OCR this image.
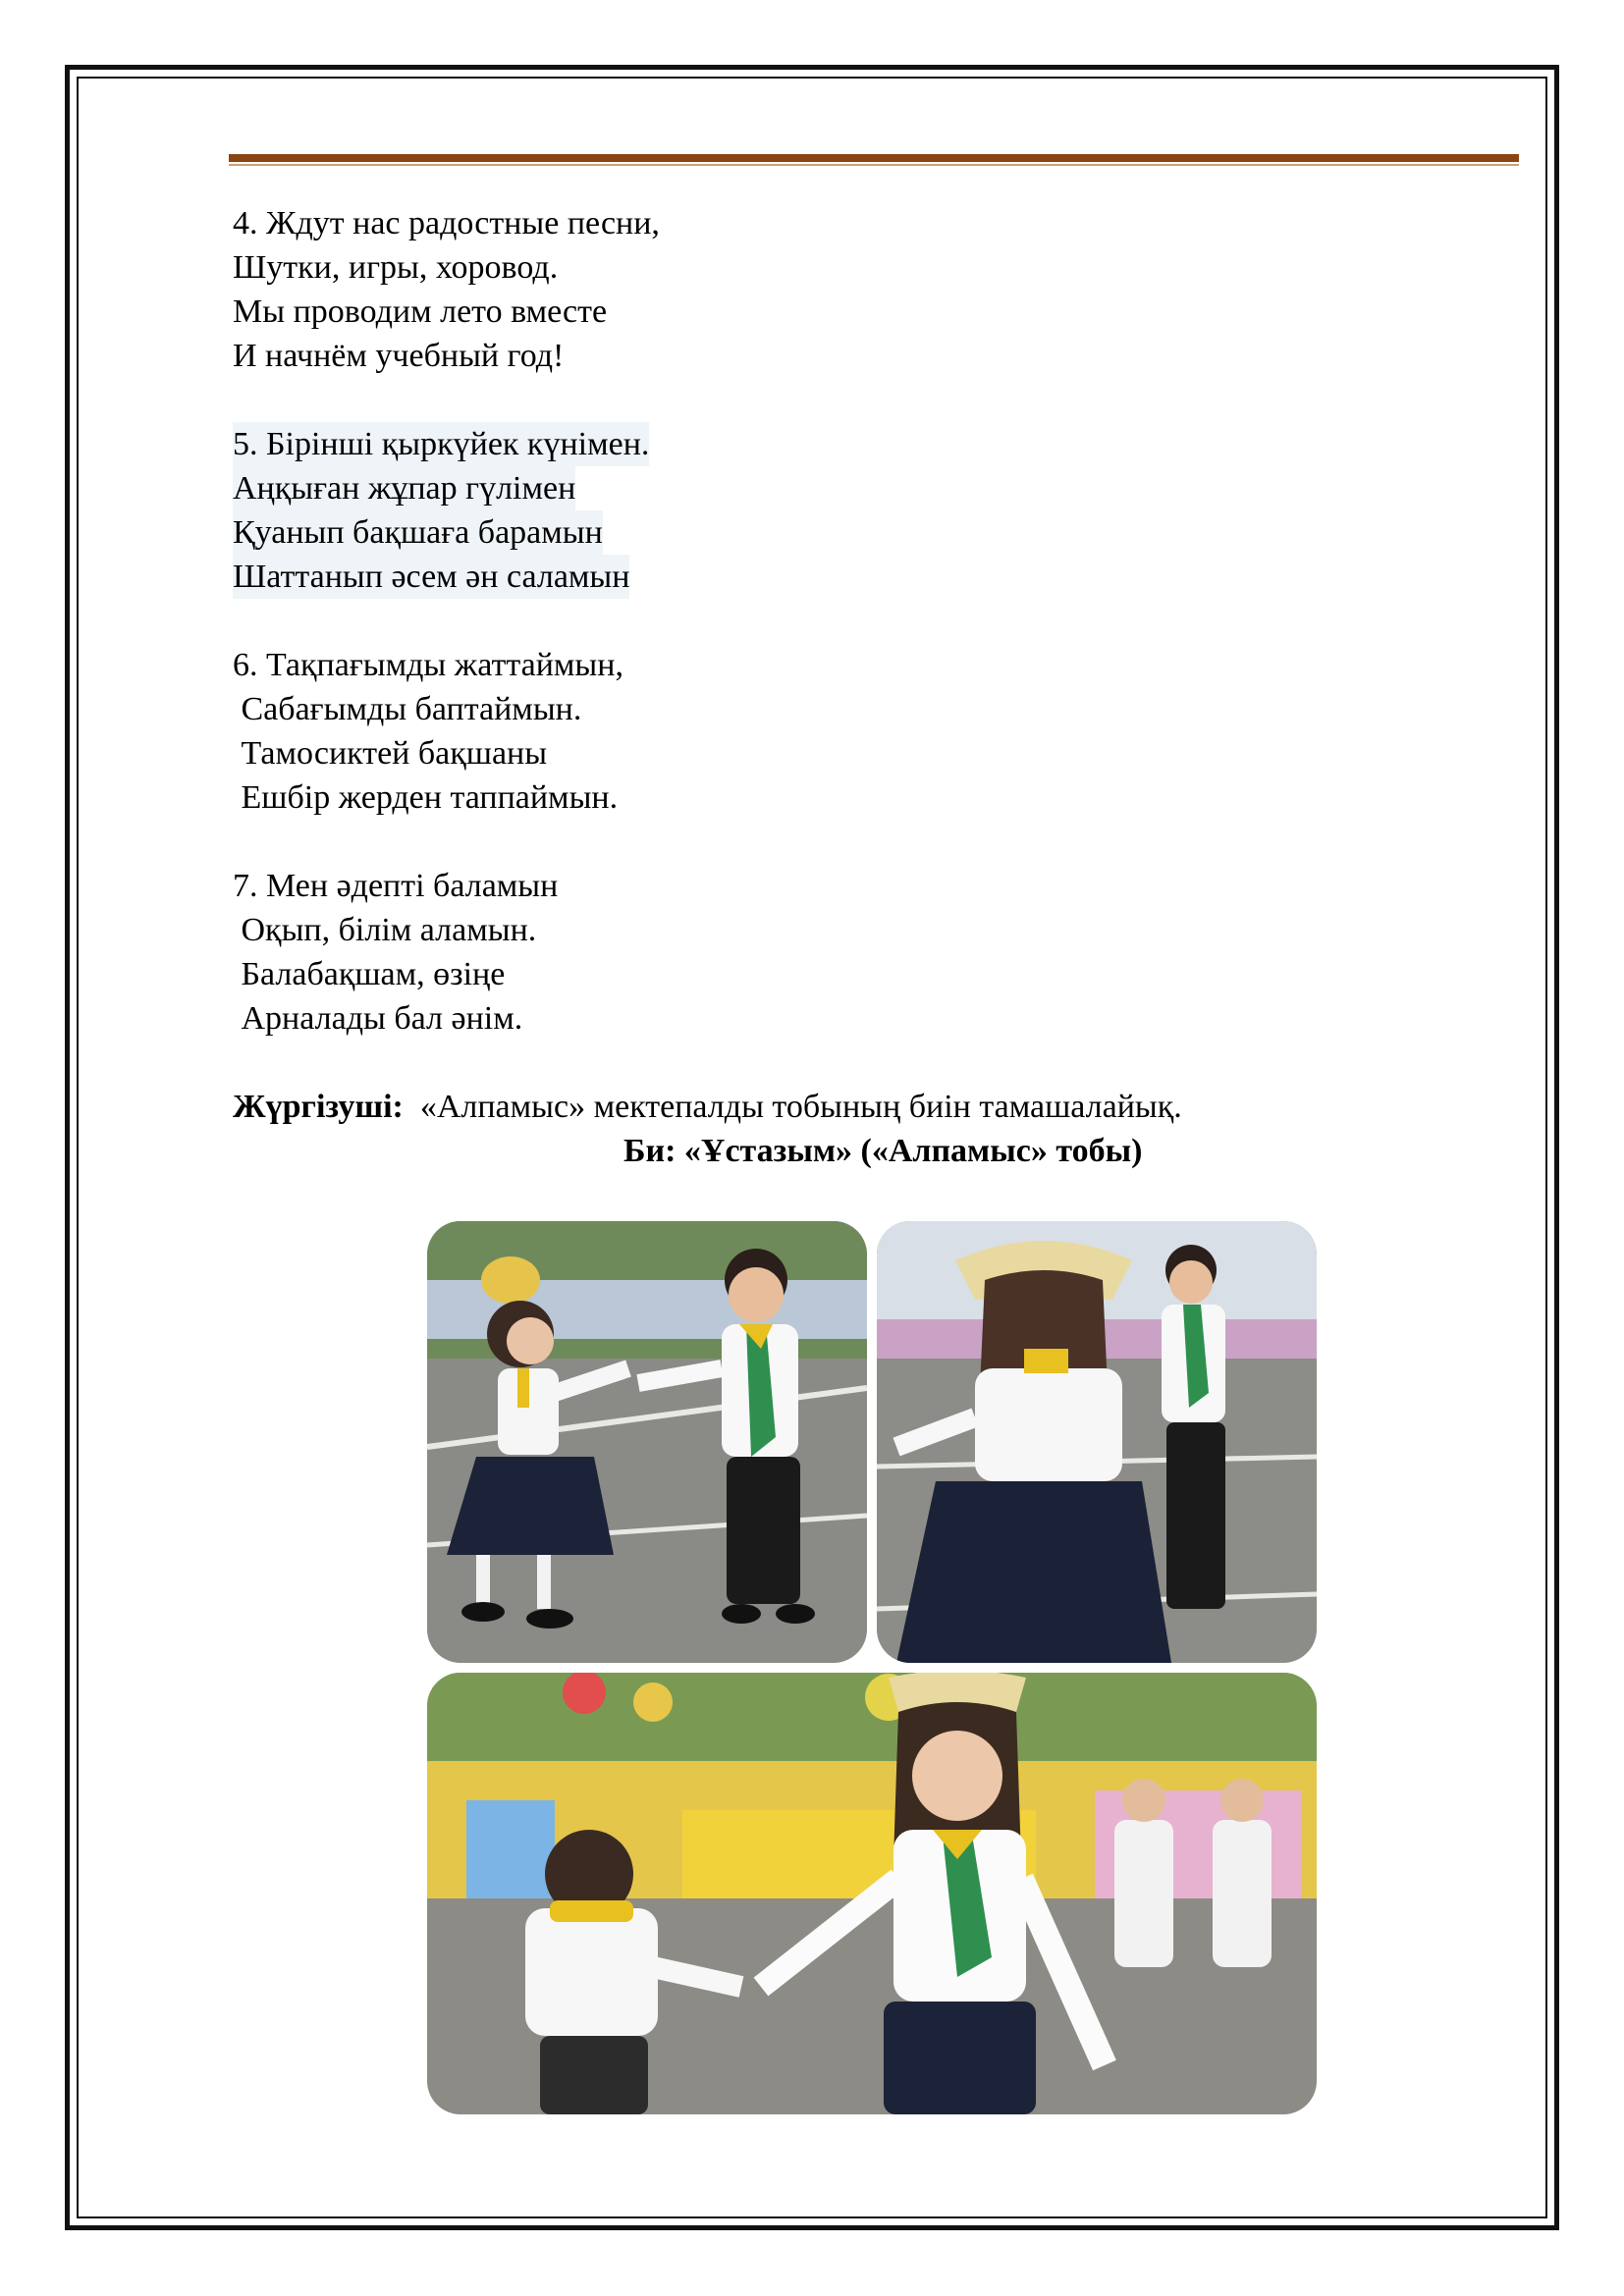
4. Ждут нас радостные песни,
Шутки, игры, хоровод.
Мы проводим лето вместе
И начнём учебный год!
5. Бірінші қыркүйек күнімен.
Аңқыған жұпар гүлімен
Қуанып бақшаға барамын
Шаттанып әсем ән саламын
6. Тақпағымды жаттаймын,
Сабағымды баптаймын.
Тамосиктей бақшаны
Ешбір жерден таппаймын.
7. Мен әдепті баламын
Оқып, білім аламын.
Балабақшам, өзіңе
Арналады бал әнім.
Жүргізуші:  «Алпамыс» мектепалды тобының биін тамашалайық.
Би: «Ұстазым» («Алпамыс» тобы)
